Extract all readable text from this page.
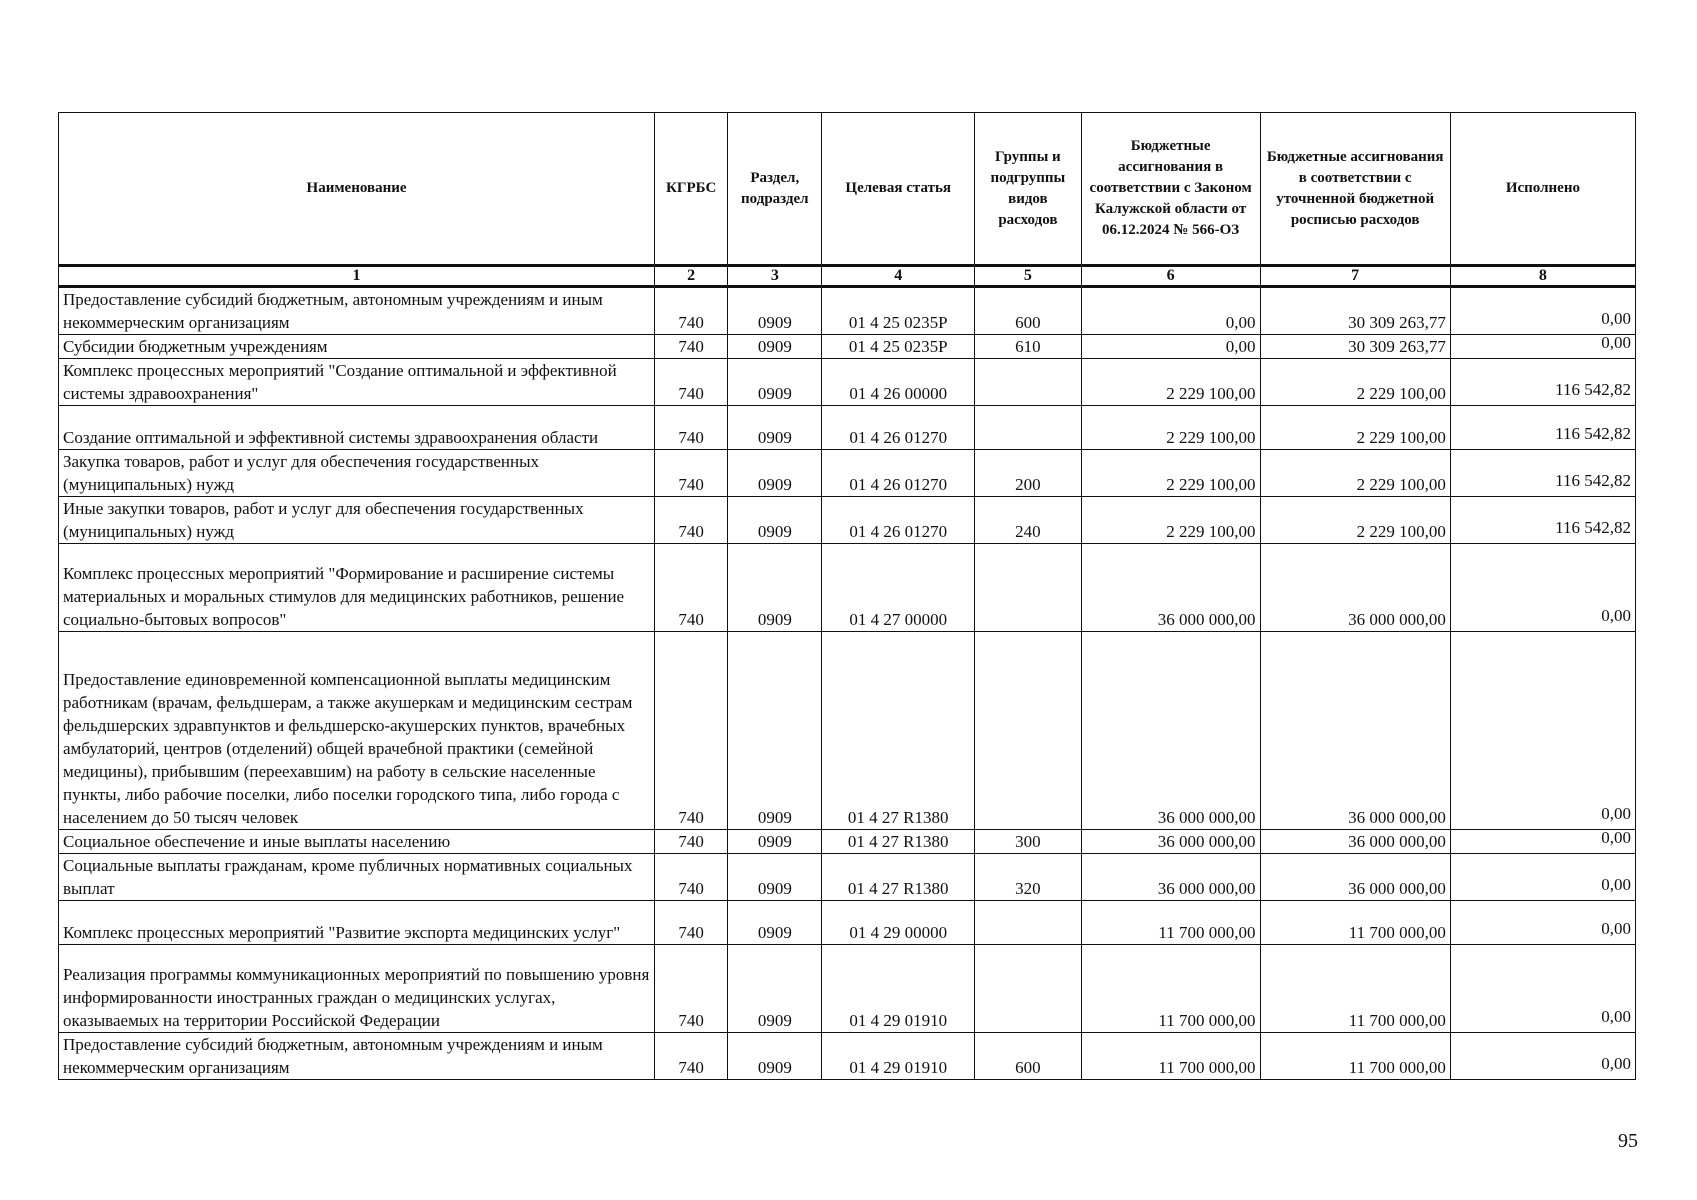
Наименование	КГРБС	Раздел, подраздел	Целевая статья	Группы и подгруппы видов расходов	Бюджетные ассигнования в соответствии с Законом Калужской области от 06.12.2024 № 566-ОЗ	Бюджетные ассигнования в соответствии с уточненной бюджетной росписью расходов	Исполнено
1	2	3	4	5	6	7	8
Предоставление субсидий бюджетным, автономным учреждениям и иным некоммерческим организациям	740	0909	01 4 25 0235Р	600	0,00	30 309 263,77	0,00
Субсидии бюджетным учреждениям	740	0909	01 4 25 0235Р	610	0,00	30 309 263,77	0,00
Комплекс процессных мероприятий "Создание оптимальной и эффективной системы здравоохранения"	740	0909	01 4 26 00000		2 229 100,00	2 229 100,00	116 542,82
Создание оптимальной и эффективной системы здравоохранения области	740	0909	01 4 26 01270		2 229 100,00	2 229 100,00	116 542,82
Закупка товаров, работ и услуг для обеспечения государственных (муниципальных) нужд	740	0909	01 4 26 01270	200	2 229 100,00	2 229 100,00	116 542,82
Иные закупки товаров, работ и услуг для обеспечения государственных (муниципальных) нужд	740	0909	01 4 26 01270	240	2 229 100,00	2 229 100,00	116 542,82
Комплекс процессных мероприятий "Формирование и расширение системы материальных и моральных стимулов для медицинских работников, решение социально-бытовых вопросов"	740	0909	01 4 27 00000		36 000 000,00	36 000 000,00	0,00
Предоставление единовременной компенсационной выплаты медицинским работникам (врачам, фельдшерам, а также акушеркам и медицинским сестрам фельдшерских здравпунктов и фельдшерско-акушерских пунктов, врачебных амбулаторий, центров (отделений) общей врачебной практики (семейной медицины), прибывшим (переехавшим) на работу в сельские населенные пункты, либо рабочие поселки, либо поселки городского типа, либо города с населением до 50 тысяч человек	740	0909	01 4 27 R1380		36 000 000,00	36 000 000,00	0,00
Социальное обеспечение и иные выплаты населению	740	0909	01 4 27 R1380	300	36 000 000,00	36 000 000,00	0,00
Социальные выплаты гражданам, кроме публичных нормативных социальных выплат	740	0909	01 4 27 R1380	320	36 000 000,00	36 000 000,00	0,00
Комплекс процессных мероприятий "Развитие экспорта медицинских услуг"	740	0909	01 4 29 00000		11 700 000,00	11 700 000,00	0,00
Реализация программы коммуникационных мероприятий по повышению уровня информированности иностранных граждан о медицинских услугах, оказываемых на территории Российской Федерации	740	0909	01 4 29 01910		11 700 000,00	11 700 000,00	0,00
Предоставление субсидий бюджетным, автономным учреждениям и иным некоммерческим организациям	740	0909	01 4 29 01910	600	11 700 000,00	11 700 000,00	0,00
95
